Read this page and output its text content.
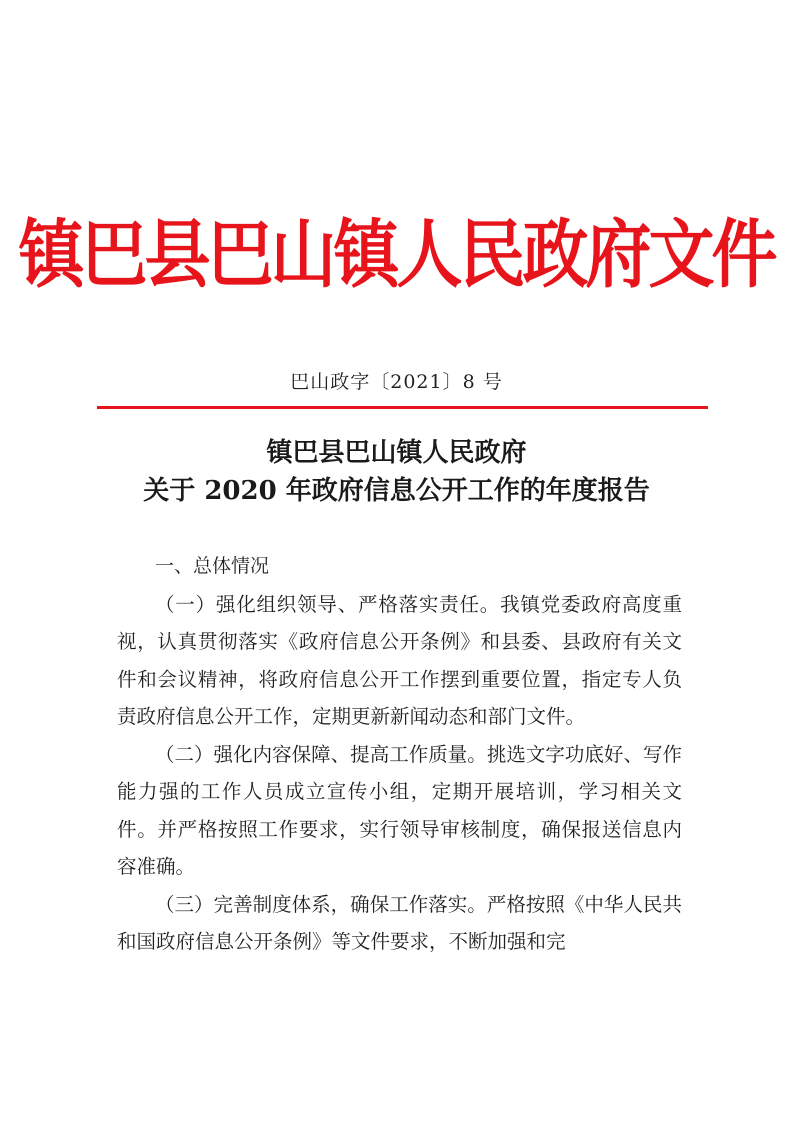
镇巴县巴山镇人民政府文件
巴山政字〔2021〕8 号
镇巴县巴山镇人民政府
关于 2020 年政府信息公开工作的年度报告

一、总体情况

（一）强化组织领导、严格落实责任。我镇党委政府高度重视，认真贯彻落实《政府信息公开条例》和县委、县政府有关文件和会议精神，将政府信息公开工作摆到重要位置，指定专人负责政府信息公开工作，定期更新新闻动态和部门文件。

（二）强化内容保障、提高工作质量。挑选文字功底好、写作能力强的工作人员成立宣传小组，定期开展培训，学习相关文件。并严格按照工作要求，实行领导审核制度，确保报送信息内容准确。

（三）完善制度体系，确保工作落实。严格按照《中华人民共和国政府信息公开条例》等文件要求，不断加强和完
